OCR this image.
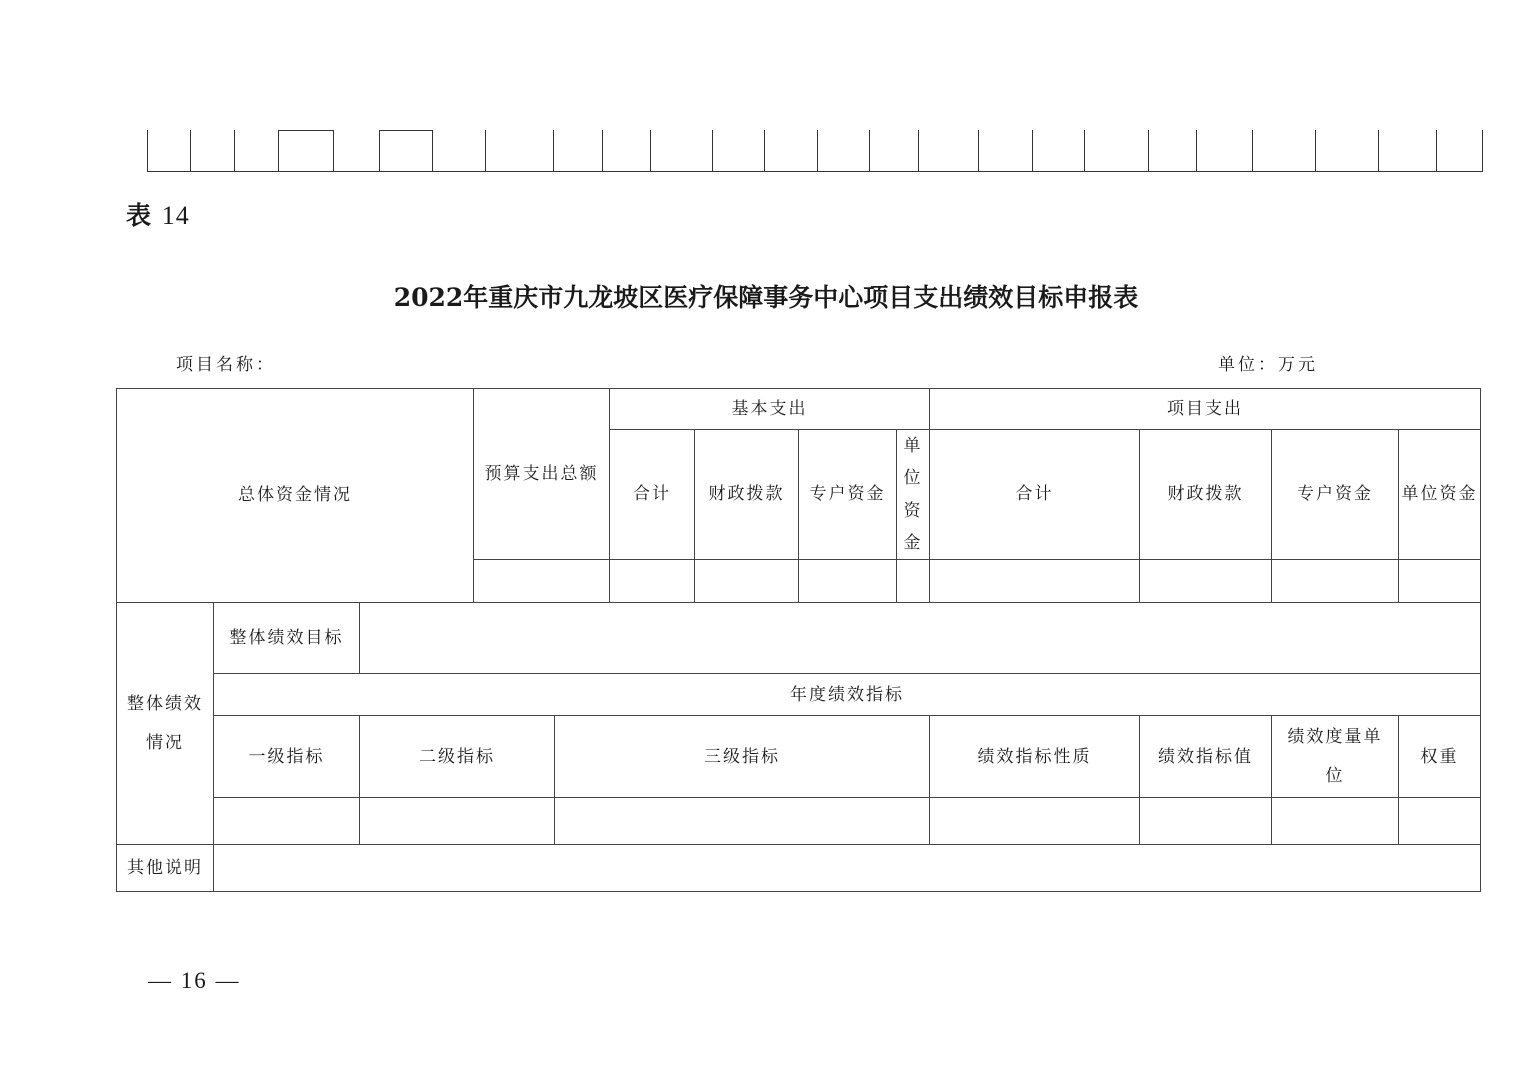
表 14
2022年重庆市九龙坡区医疗保障事务中心项目支出绩效目标申报表
项目名称：	单位：万元
总体资金情况			预算支出总额		基本支出				项目支出			
					合计	财政拨款	专户资金	单位资金	合计	财政拨款	专户资金	单位资金

整体绩效情况	整体绩效目标											
	年度绩效指标											
	一级指标	二级指标		三级指标					绩效指标性质	绩效指标值	绩效度量单位	权重

其他说明												
— 16 —
